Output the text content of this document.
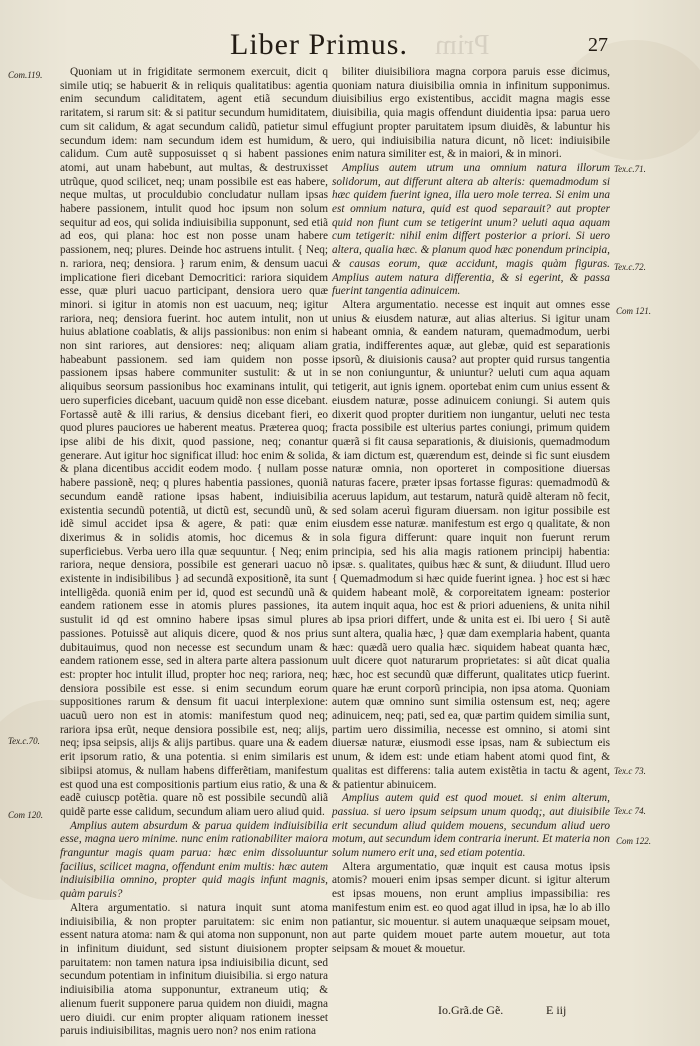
Liber Primus. Prim	27
Com.119.
Tex.c.70.
Com 120.
Tex.c.71.
Tex.c.72.
Com 121.
Tex.c 73.
Tex.c 74.
Com 122.

Quoniam ut in frigiditate sermonem exercuit, dicit q simile utiq; se habuerit & in reliquis qualitatibus: agentia enim secundum caliditatem, agent etiã secundum raritatem, si rarum sit: & si patitur secundum humiditatem, cum sit calidum, & agat secundum calidũ, patietur simul secundum idem: nam secundum idem est humidum, & calidum. Cum autẽ supposuisset q si habent passiones atomi, aut unam habebunt, aut multas, & destruxisset utrũque, quod scilicet, neq; unam possibile est eas habere, neque multas, ut proculdubio concludatur nullam ipsas habere passionem, intulit quod hoc ipsum non solum sequitur ad eos, qui solida indiuisibilia supponunt, sed etiã ad eos, qui plana: hoc est non posse unam habere passionem, neq; plures. Deinde hoc astruens intulit. { Neq; n. rariora, neq; densiora. } rarum enim, & densum uacui implicatione fieri dicebant Democritici: rariora siquidem esse, quæ pluri uacuo participant, densiora uero quæ minori. si igitur in atomis non est uacuum, neq; igitur rariora, neq; densiora fuerint. hoc autem intulit, non ut huius ablatione coablatis, & alijs passionibus: non enim si non sint rariores, aut densiores: neq; aliquam aliam habeabunt passionem. sed iam quidem non posse passionem ipsas habere communiter sustulit: & ut in aliquibus seorsum passionibus hoc examinans intulit, qui uero superficies dicebant, uacuum quidẽ non esse dicebant. Fortassẽ autẽ & illi rarius, & densius dicebant fieri, eo quod plures pauciores ue haberent meatus. Præterea quoq; ipse alibi de his dixit, quod passione, neq; conantur generare. Aut igitur hoc significat illud: hoc enim & solida, & plana dicentibus accidit eodem modo. { nullam posse habere passionẽ, neq; q plures habentia passiones, quoniã secundum eandẽ ratione ipsas habent, indiuisibilia existentia secundũ potentiã, ut dictũ est, secundũ unũ, & idẽ simul accidet ipsa & agere, & pati: quæ enim dixerimus & in solidis atomis, hoc dicemus & in superficiebus. Verba uero illa quæ sequuntur. { Neq; enim rariora, neque densiora, possibile est generari uacuo nõ existente in indisibilibus } ad secundã expositionẽ, ita sunt intelligẽda. quoniã enim per id, quod est secundũ unã & eandem rationem esse in atomis plures passiones, ita sustulit id qd est omnino habere ipsas simul plures passiones. Potuissẽ aut aliquis dicere, quod & nos prius dubitauimus, quod non necesse est secundum unam & eandem rationem esse, sed in altera parte altera passionum est: propter hoc intulit illud, propter hoc neq; rariora, neq; densiora possibile est esse. si enim secundum eorum suppositiones rarum & densum fit uacui interplexione: uacuũ uero non est in atomis: manifestum quod neq; rariora ipsa erũt, neque densiora possibile est, neq; alijs, neq; ipsa seipsis, alijs & alijs partibus. quare una & eadem erit ipsorum ratio, & una potentia. si enim similaris est sibiipsi atomus, & nullam habens differẽtiam, manifestum est quod una est compositionis partium eius ratio, & una & eadẽ cuiuscp potẽtia. quare nõ est possibile secundũ aliã quidẽ parte esse calidum, secundum aliam uero aliud quid.

Amplius autem absurdum & parua quidem indiuisibilia esse, magna uero minime. nunc enim rationabiliter maiora franguntur magis quam parua: hæc enim dissoluuntur facilius, scilicet magna, offendunt enim multis: hæc autem indiuisibilia omnino, propter quid magis infunt magnis, quàm paruis?

Altera argumentatio. si natura inquit sunt atoma indiuisibilia, & non propter paruitatem: sic enim non essent natura atoma: nam & qui atoma non supponunt, non in infinitum diuidunt, sed sistunt diuisionem propter paruitatem: non tamen natura ipsa indiuisibilia dicunt, sed secundum potentiam in infinitum diuisibilia. si ergo natura indiuisibilia atoma supponuntur, extraneum utiq; & alienum fuerit supponere parua quidem non diuidi, magna uero diuidi. cur enim propter aliquam rationem inesset paruis indiuisibilitas, magnis uero non? nos enim rationa

biliter diuisibiliora magna corpora paruis esse dicimus, quoniam natura diuisibilia omnia in infinitum supponimus. diuisibilius ergo existentibus, accidit magna magis esse diuisibilia, quia magis offendunt diuidentia ipsa: parua uero effugiunt propter paruitatem ipsum diuidẽs, & labuntur his uero, qui indiuisibilia natura dicunt, nõ licet: indiuisibile enim natura similiter est, & in maiori, & in minori.

Amplius autem utrum una omnium natura illorum solidorum, aut differunt altera ab alteris: quemadmodum si hæc quidem fuerint ignea, illa uero mole terrea. Si enim una est omnium natura, quid est quod separauit? aut propter quid non fiunt cum se tetigerint unum? ueluti aqua aquam cum tetigerit: nihil enim differt posterior a priori. Si uero altera, qualia hæc. & planum quod hæc ponendum principia, & causas eorum, quæ accidunt, magis quàm figuras. Amplius autem natura differentia, & si egerint, & passa fuerint tangentia adinuicem.

Altera argumentatio. necesse est inquit aut omnes esse unius & eiusdem naturæ, aut alias alterius. Si igitur unam habeant omnia, & eandem naturam, quemadmodum, uerbi gratia, indifferentes aquæ, aut glebæ, quid est separationis ipsorũ, & diuisionis causa? aut propter quid rursus tangentia se non coniunguntur, & uniuntur? ueluti cum aqua aquam tetigerit, aut ignis ignem. oportebat enim cum unius essent & eiusdem naturæ, posse adinuicem coniungi. Si autem quis dixerit quod propter duritiem non iungantur, ueluti nec testa fracta possibile est ulterius partes coniungi, primum quidem quærã si fit causa separationis, & diuisionis, quemadmodum & iam dictum est, quærendum est, deinde si fic sunt eiusdem naturæ omnia, non oporteret in compositione diuersas naturas facere, præter ipsas fortasse figuras: quemadmodũ & aceruus lapidum, aut testarum, naturã quidẽ alteram nõ fecit, sed solam aceruì figuram diuersam. non igitur possibile est eiusdem esse naturæ. manifestum est ergo q qualitate, & non sola figura differunt: quare inquit non fuerunt rerum principia, sed his alia magis rationem principij habentia: ipsæ. s. qualitates, quibus hæc & sunt, & diiudunt. Illud uero { Quemadmodum si hæc quide fuerint ignea. } hoc est si hæc quidem habeant molẽ, & corporeitatem igneam: posterior autem inquit aqua, hoc est & priori adueniens, & unita nihil ab ipsa priori differt, unde & unita est ei. Ibi uero { Si autẽ sunt altera, qualia hæc, } quæ dam exemplaria habent, quanta hæc: quædã uero qualia hæc. siquidem habeat quanta hæc, uult dicere quot naturarum proprietates: si aũt dicat qualia hæc, hoc est secundũ quæ differunt, qualitates uticp fuerint. quare hæ erunt corporũ principia, non ipsa atoma. Quoniam autem quæ omnino sunt similia ostensum est, neq; agere adinuicem, neq; pati, sed ea, quæ partim quidem similia sunt, partim uero dissimilia, necesse est omnino, si atomi sint diuersæ naturæ, eiusmodi esse ipsas, nam & subiectum eis unum, & idem est: unde etiam habent atomi quod fint, & qualitas est differens: talia autem existẽtia in tactu & agent, & patientur abinuicem.

Amplius autem quid est quod mouet. si enim alterum, passiua. si uero ipsum seipsum unum quodq;, aut diuisibile erit secundum aliud quidem mouens, secundum aliud uero motum, aut secundum idem contraria inerunt. Et materia non solum numero erit una, sed etiam potentia.

Altera argumentatio, quæ inquit est causa motus ipsis atomis? moueri enim ipsas semper dicunt. si igitur alterum est ipsas mouens, non erunt amplius impassibilia: res manifestum enim est. eo quod agat illud in ipsa, hæ lo ab illo patiantur, sic mouentur. si autem unaquæque seipsam mouet, aut parte quidem mouet parte autem mouetur, aut tota seipsam & mouet & mouetur.

Io.Grã.de Gẽ.	E iij
